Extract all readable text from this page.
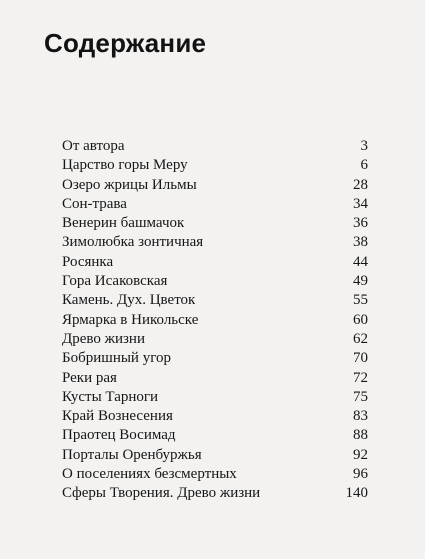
Содержание
От автора	3
Царство горы Меру	6
Озеро жрицы Ильмы	28
Сон-трава	34
Венерин башмачок	36
Зимолюбка зонтичная	38
Росянка	44
Гора Исаковская	49
Камень. Дух. Цветок	55
Ярмарка в Никольске	60
Древо жизни	62
Бобришный угор	70
Реки рая	72
Кусты Тарноги	75
Край Вознесения	83
Праотец Восимад	88
Порталы Оренбуржья	92
О поселениях безсмертных	96
Сферы Творения. Древо жизни	140
